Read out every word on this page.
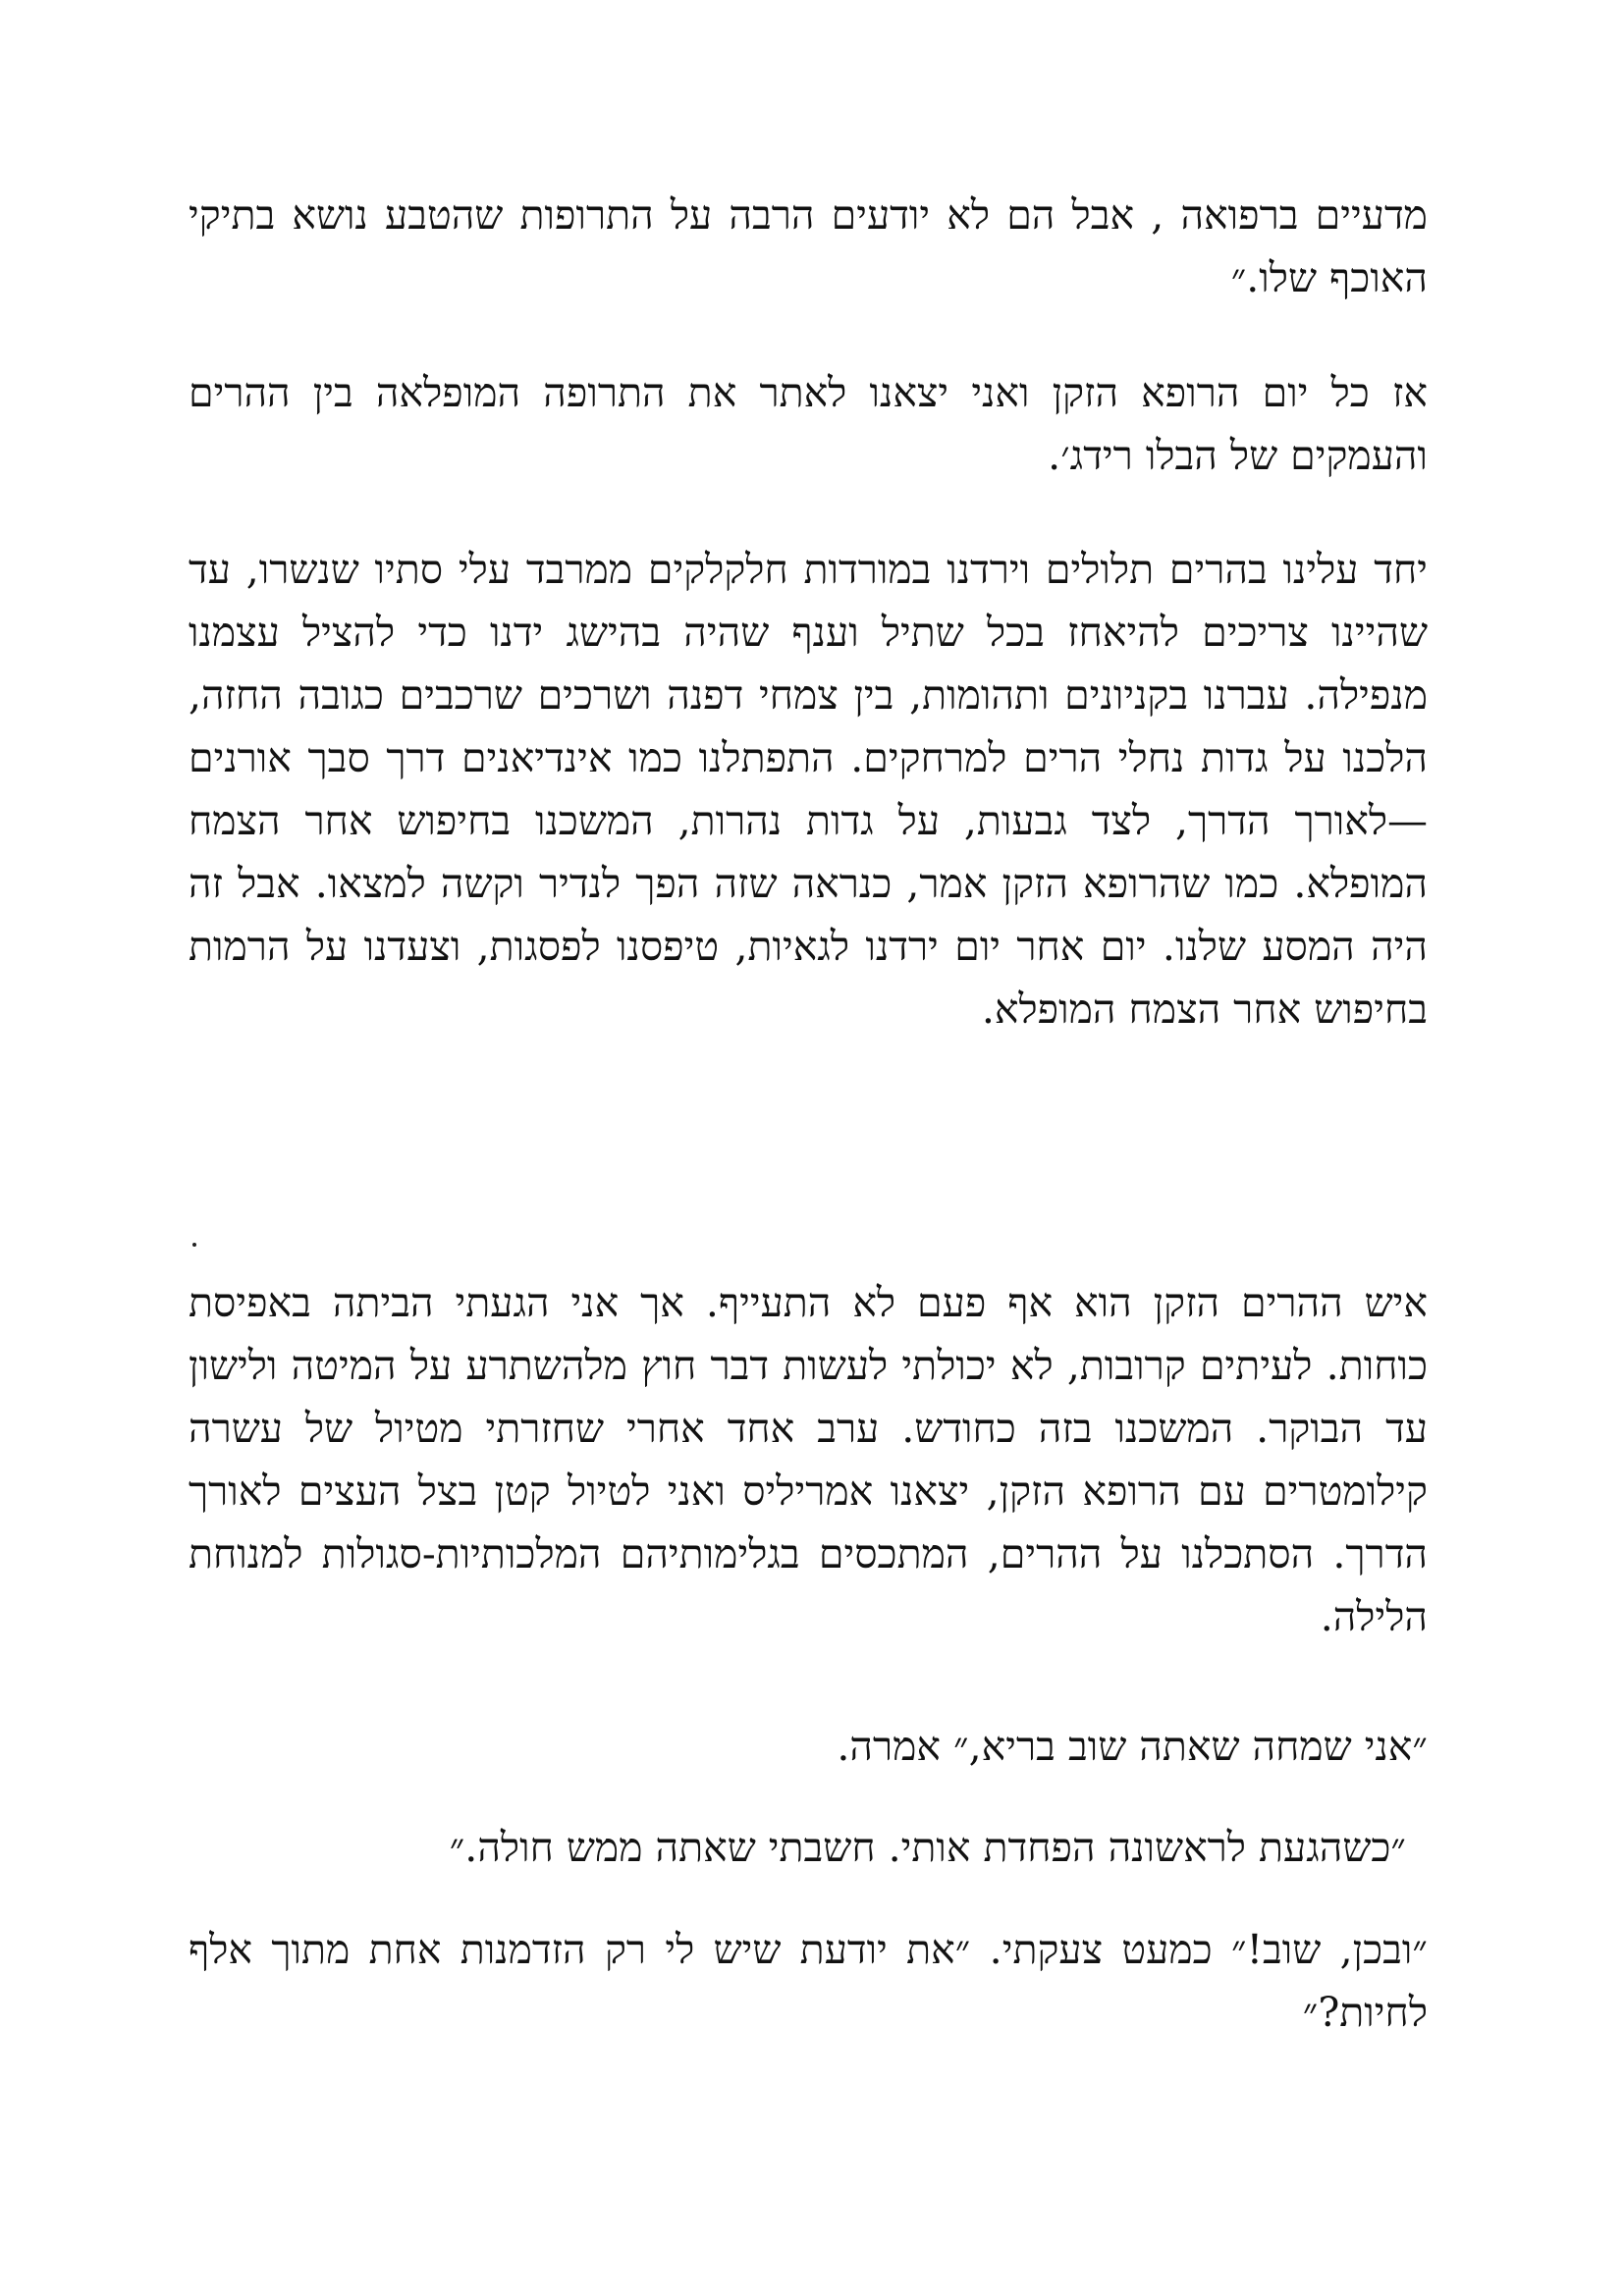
מדעיים ברפואה , אבל הם לא יודעים הרבה על התרופות שהטבע נושא בתיקי האוכף שלו.״

אז כל יום הרופא הזקן ואני יצאנו לאתר את התרופה המופלאה בין ההרים והעמקים של הבלו רידג׳.

יחד עלינו בהרים תלולים וירדנו במורדות חלקלקים ממרבד עלי סתיו שנשרו, עד שהיינו צריכים להיאחז בכל שתיל וענף שהיה בהישג ידנו כדי להציל עצמנו מנפילה. עברנו בקניונים ותהומות, בין צמחי דפנה ושרכים שרכבים כגובה החזה, הלכנו על גדות נחלי הרים למרחקים. התפתלנו כמו אינדיאנים דרך סבך אורנים—לאורך הדרך, לצד גבעות, על גדות נהרות, המשכנו בחיפוש אחר הצמח המופלא. כמו שהרופא הזקן אמר, כנראה שזה הפך לנדיר וקשה למצאו. אבל זה היה המסע שלנו. יום אחר יום ירדנו לגאיות, טיפסנו לפסגות, וצעדנו על הרמות בחיפוש אחר הצמח המופלא.

איש ההרים הזקן הוא אף פעם לא התעייף. אך אני הגעתי הביתה באפיסת כוחות. לעיתים קרובות, לא יכולתי לעשות דבר חוץ מלהשתרע על המיטה ולישון עד הבוקר. המשכנו בזה כחודש. ערב אחד אחרי שחזרתי מטיול של עשרה קילומטרים עם הרופא הזקן, יצאנו אמריליס ואני לטיול קטן בצל העצים לאורך הדרך. הסתכלנו על ההרים, המתכסים בגלימותיהם המלכותיות-סגולות למנוחת הלילה.

״אני שמחה שאתה שוב בריא,״ אמרה.

״כשהגעת לראשונה הפחדת אותי. חשבתי שאתה ממש חולה.״

״ובכן, שוב!״ כמעט צעקתי. ״את יודעת שיש לי רק הזדמנות אחת מתוך אלף לחיות?״
